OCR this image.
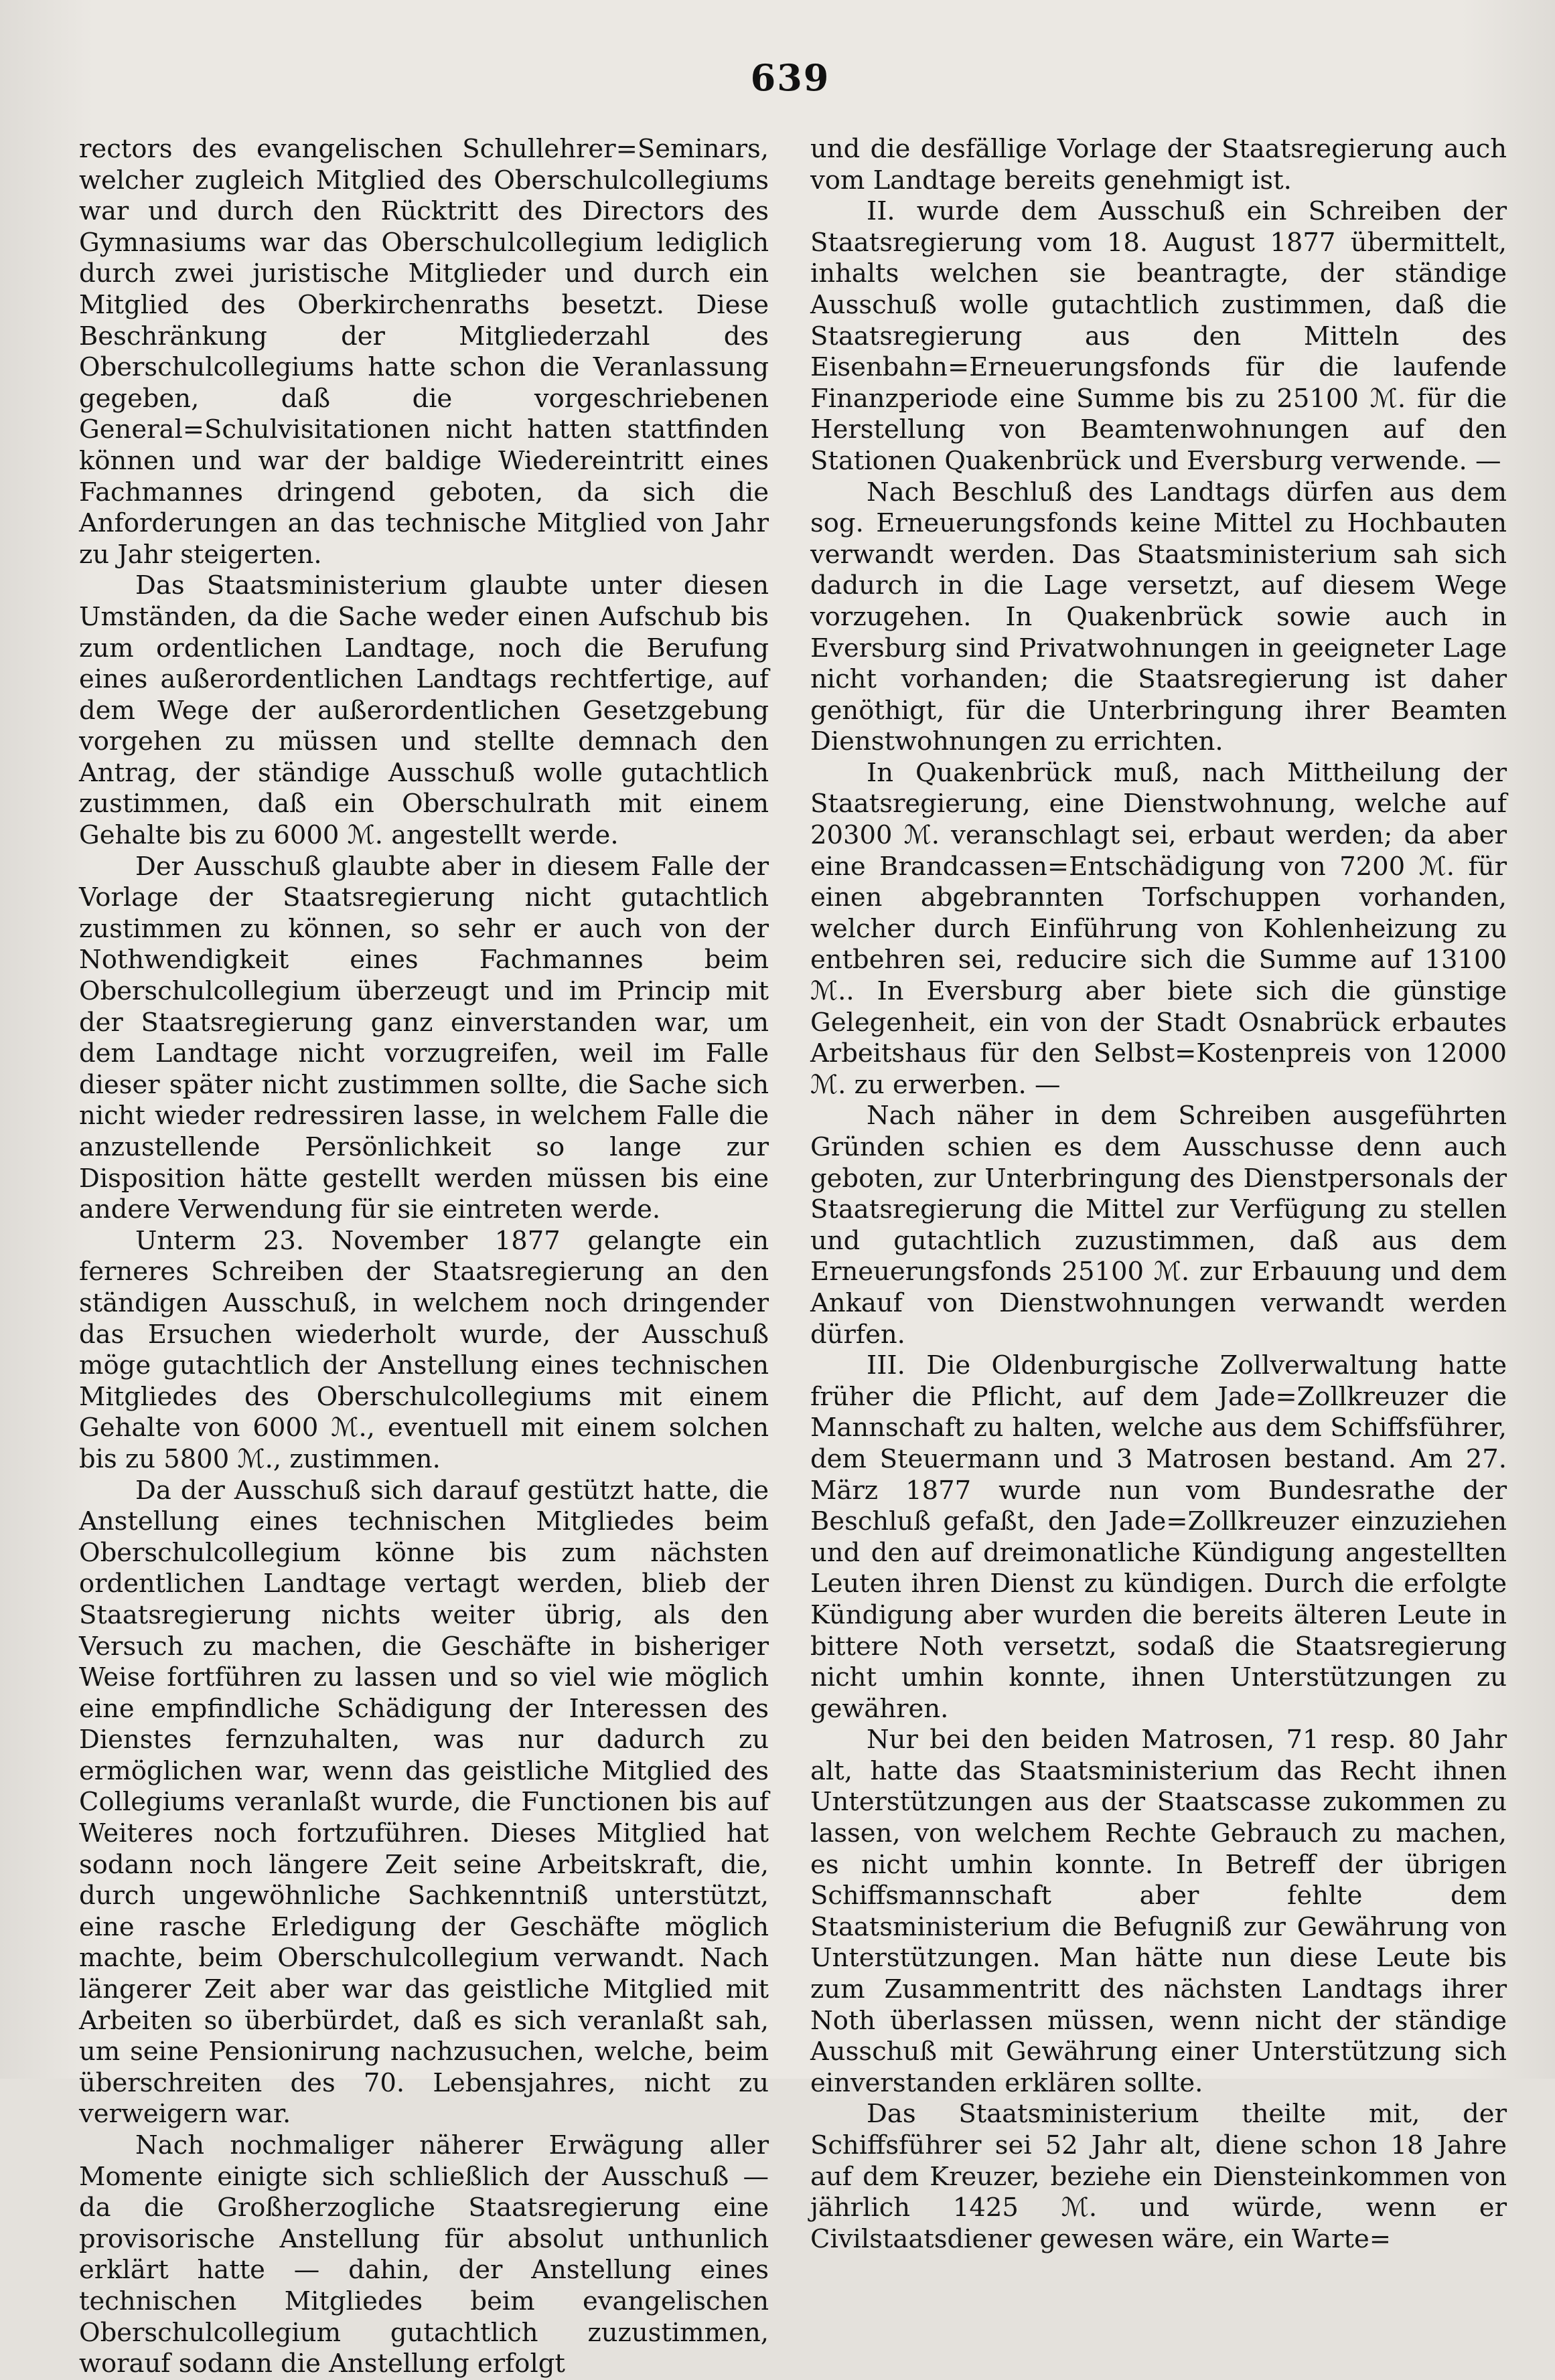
639

rectors des evangelischen Schullehrer=Seminars, welcher zugleich Mitglied des Oberschulcollegiums war und durch den Rücktritt des Directors des Gymnasiums war das Oberschulcollegium lediglich durch zwei juristische Mitglieder und durch ein Mitglied des Oberkirchenraths besetzt. Diese Beschränkung der Mitgliederzahl des Oberschulcollegiums hatte schon die Veranlassung gegeben, daß die vorgeschriebenen General=Schulvisitationen nicht hatten stattfinden können und war der baldige Wiedereintritt eines Fachmannes dringend geboten, da sich die Anforderungen an das technische Mitglied von Jahr zu Jahr steigerten.

Das Staatsministerium glaubte unter diesen Umständen, da die Sache weder einen Aufschub bis zum ordentlichen Landtage, noch die Berufung eines außerordentlichen Landtags rechtfertige, auf dem Wege der außerordentlichen Gesetzgebung vorgehen zu müssen und stellte demnach den Antrag, der ständige Ausschuß wolle gutachtlich zustimmen, daß ein Oberschulrath mit einem Gehalte bis zu 6000 ℳ. angestellt werde.

Der Ausschuß glaubte aber in diesem Falle der Vorlage der Staatsregierung nicht gutachtlich zustimmen zu können, so sehr er auch von der Nothwendigkeit eines Fachmannes beim Oberschulcollegium überzeugt und im Princip mit der Staatsregierung ganz einverstanden war, um dem Landtage nicht vorzugreifen, weil im Falle dieser später nicht zustimmen sollte, die Sache sich nicht wieder redressiren lasse, in welchem Falle die anzustellende Persönlichkeit so lange zur Disposition hätte gestellt werden müssen bis eine andere Verwendung für sie eintreten werde.

Unterm 23. November 1877 gelangte ein ferneres Schreiben der Staatsregierung an den ständigen Ausschuß, in welchem noch dringender das Ersuchen wiederholt wurde, der Ausschuß möge gutachtlich der Anstellung eines technischen Mitgliedes des Oberschulcollegiums mit einem Gehalte von 6000 ℳ., eventuell mit einem solchen bis zu 5800 ℳ., zustimmen.

Da der Ausschuß sich darauf gestützt hatte, die Anstellung eines technischen Mitgliedes beim Oberschulcollegium könne bis zum nächsten ordentlichen Landtage vertagt werden, blieb der Staatsregierung nichts weiter übrig, als den Versuch zu machen, die Geschäfte in bisheriger Weise fortführen zu lassen und so viel wie möglich eine empfindliche Schädigung der Interessen des Dienstes fernzuhalten, was nur dadurch zu ermöglichen war, wenn das geistliche Mitglied des Collegiums veranlaßt wurde, die Functionen bis auf Weiteres noch fortzuführen. Dieses Mitglied hat sodann noch längere Zeit seine Arbeitskraft, die, durch ungewöhnliche Sachkenntniß unterstützt, eine rasche Erledigung der Geschäfte möglich machte, beim Oberschulcollegium verwandt. Nach längerer Zeit aber war das geistliche Mitglied mit Arbeiten so überbürdet, daß es sich veranlaßt sah, um seine Pensionirung nachzusuchen, welche, beim überschreiten des 70. Lebensjahres, nicht zu verweigern war.

Nach nochmaliger näherer Erwägung aller Momente einigte sich schließlich der Ausschuß — da die Großherzogliche Staatsregierung eine provisorische Anstellung für absolut unthunlich erklärt hatte — dahin, der Anstellung eines technischen Mitgliedes beim evangelischen Oberschulcollegium gutachtlich zuzustimmen, worauf sodann die Anstellung erfolgt

und die desfällige Vorlage der Staatsregierung auch vom Landtage bereits genehmigt ist.

II. wurde dem Ausschuß ein Schreiben der Staatsregierung vom 18. August 1877 übermittelt, inhalts welchen sie beantragte, der ständige Ausschuß wolle gutachtlich zustimmen, daß die Staatsregierung aus den Mitteln des Eisenbahn=Erneuerungsfonds für die laufende Finanzperiode eine Summe bis zu 25100 ℳ. für die Herstellung von Beamtenwohnungen auf den Stationen Quakenbrück und Eversburg verwende. —

Nach Beschluß des Landtags dürfen aus dem sog. Erneuerungsfonds keine Mittel zu Hochbauten verwandt werden. Das Staatsministerium sah sich dadurch in die Lage versetzt, auf diesem Wege vorzugehen. In Quakenbrück sowie auch in Eversburg sind Privatwohnungen in geeigneter Lage nicht vorhanden; die Staatsregierung ist daher genöthigt, für die Unterbringung ihrer Beamten Dienstwohnungen zu errichten.

In Quakenbrück muß, nach Mittheilung der Staatsregierung, eine Dienstwohnung, welche auf 20300 ℳ. veranschlagt sei, erbaut werden; da aber eine Brandcassen=Entschädigung von 7200 ℳ. für einen abgebrannten Torfschuppen vorhanden, welcher durch Einführung von Kohlenheizung zu entbehren sei, reducire sich die Summe auf 13100 ℳ.. In Eversburg aber biete sich die günstige Gelegenheit, ein von der Stadt Osnabrück erbautes Arbeitshaus für den Selbst=Kostenpreis von 12000 ℳ. zu erwerben. —

Nach näher in dem Schreiben ausgeführten Gründen schien es dem Ausschusse denn auch geboten, zur Unterbringung des Dienstpersonals der Staatsregierung die Mittel zur Verfügung zu stellen und gutachtlich zuzustimmen, daß aus dem Erneuerungsfonds 25100 ℳ. zur Erbauung und dem Ankauf von Dienstwohnungen verwandt werden dürfen.

III. Die Oldenburgische Zollverwaltung hatte früher die Pflicht, auf dem Jade=Zollkreuzer die Mannschaft zu halten, welche aus dem Schiffsführer, dem Steuermann und 3 Matrosen bestand. Am 27. März 1877 wurde nun vom Bundesrathe der Beschluß gefaßt, den Jade=Zollkreuzer einzuziehen und den auf dreimonatliche Kündigung angestellten Leuten ihren Dienst zu kündigen. Durch die erfolgte Kündigung aber wurden die bereits älteren Leute in bittere Noth versetzt, sodaß die Staatsregierung nicht umhin konnte, ihnen Unterstützungen zu gewähren.

Nur bei den beiden Matrosen, 71 resp. 80 Jahr alt, hatte das Staatsministerium das Recht ihnen Unterstützungen aus der Staatscasse zukommen zu lassen, von welchem Rechte Gebrauch zu machen, es nicht umhin konnte. In Betreff der übrigen Schiffsmannschaft aber fehlte dem Staatsministerium die Befugniß zur Gewährung von Unterstützungen. Man hätte nun diese Leute bis zum Zusammentritt des nächsten Landtags ihrer Noth überlassen müssen, wenn nicht der ständige Ausschuß mit Gewährung einer Unterstützung sich einverstanden erklären sollte.

Das Staatsministerium theilte mit, der Schiffsführer sei 52 Jahr alt, diene schon 18 Jahre auf dem Kreuzer, beziehe ein Diensteinkommen von jährlich 1425 ℳ. und würde, wenn er Civilstaatsdiener gewesen wäre, ein Warte=
